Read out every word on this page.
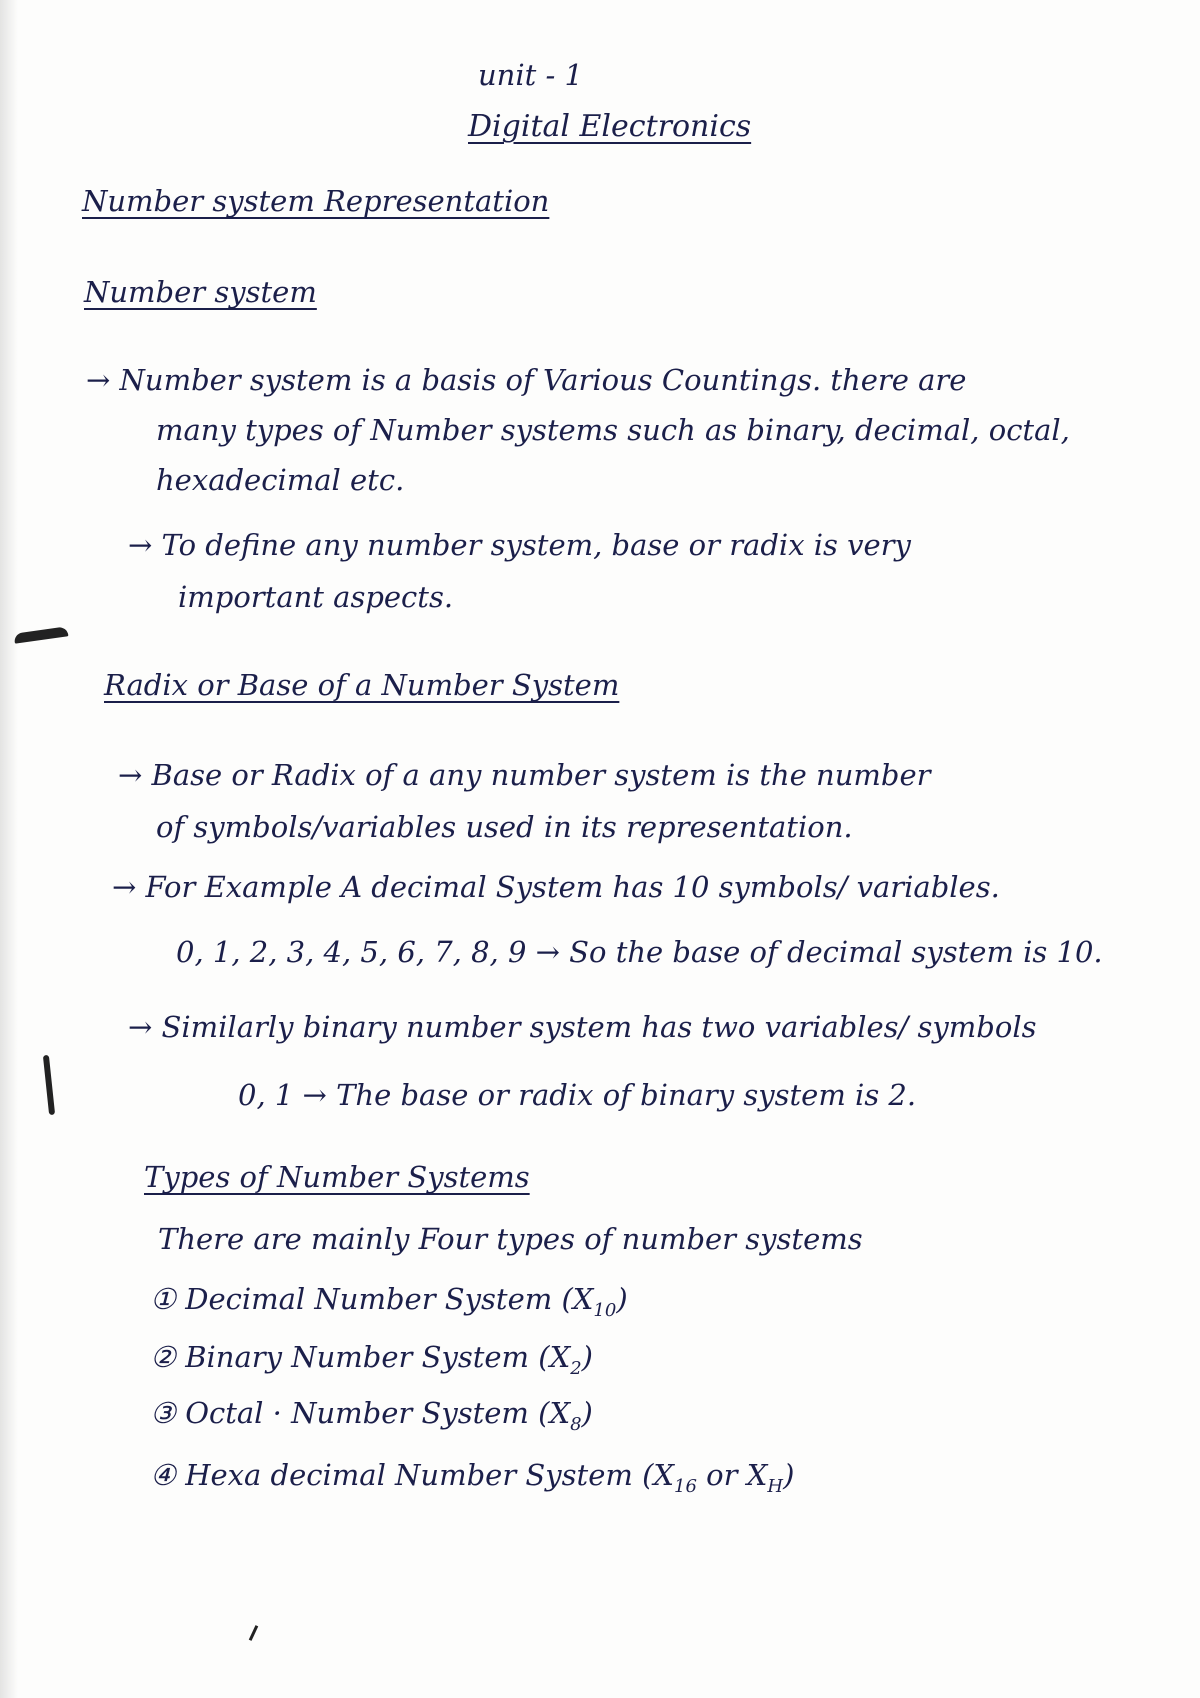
unit - 1
Digital Electronics
Number system Representation
Number system
→ Number system is a basis of Various Countings. there are
many types of Number systems such as binary, decimal, octal,
hexadecimal etc.
→ To define any number system, base or radix is very
important aspects.
Radix or Base of a Number System
→ Base or Radix of a any number system is the number
of symbols/variables used in its representation.
→ For Example A decimal System has 10 symbols/ variables.
0, 1, 2, 3, 4, 5, 6, 7, 8, 9 → So the base of decimal system is 10.
→ Similarly binary number system has two variables/ symbols
0, 1 → The base or radix of binary system is 2.
Types of Number Systems
There are mainly Four types of number systems
① Decimal Number System $(X_{10})$
② Binary Number System $(X_2)$
③ Octal · Number System $(X_8)$
④ Hexa decimal Number System ($X_{16}$ or $X_H$)
